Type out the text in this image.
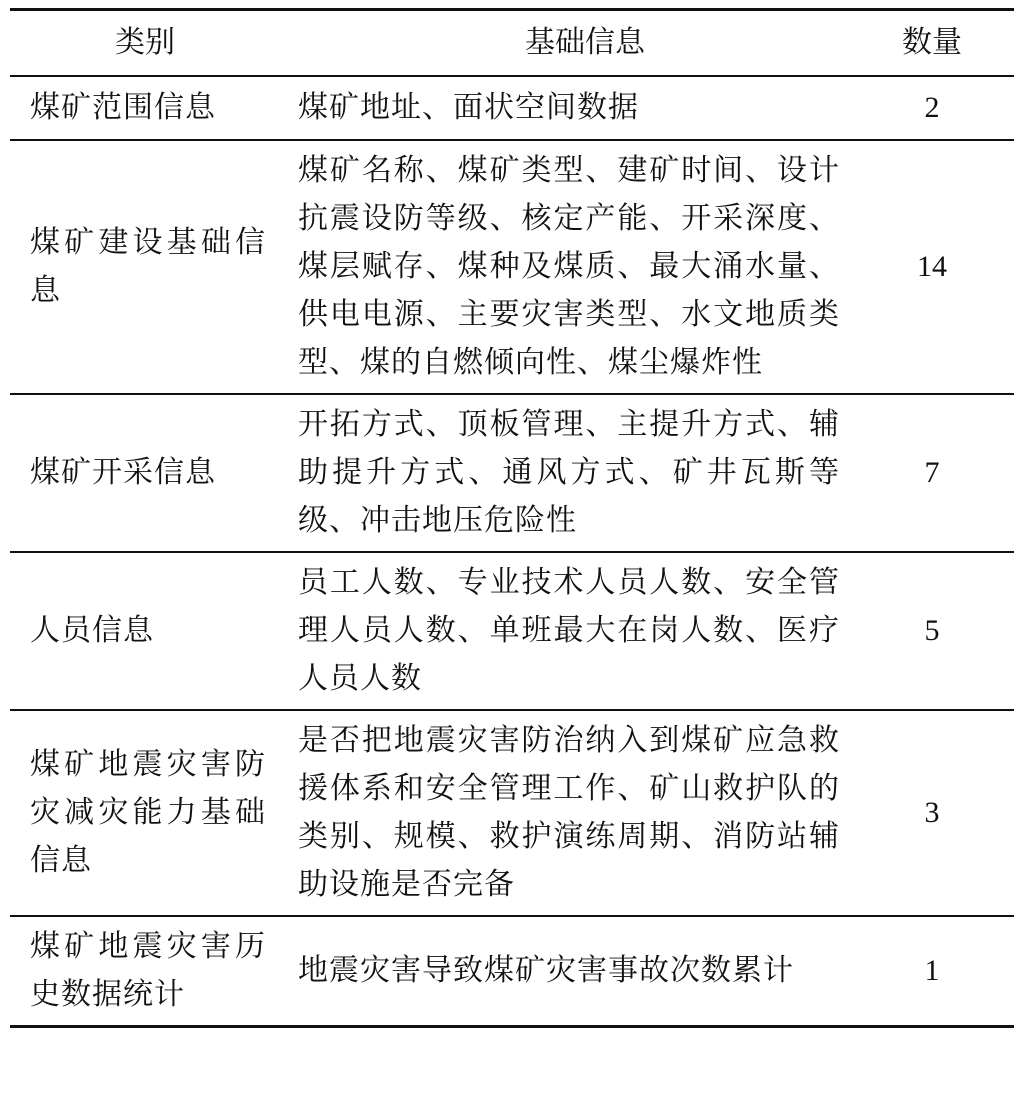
类别	基础信息	数量
煤矿范围信息	煤矿地址、面状空间数据	2
煤矿建设基础信息	煤矿名称、煤矿类型、建矿时间、设计抗震设防等级、核定产能、开采深度、煤层赋存、煤种及煤质、最大涌水量、供电电源、主要灾害类型、水文地质类型、煤的自燃倾向性、煤尘爆炸性	14
煤矿开采信息	开拓方式、顶板管理、主提升方式、辅助提升方式、通风方式、矿井瓦斯等级、冲击地压危险性	7
人员信息	员工人数、专业技术人员人数、安全管理人员人数、单班最大在岗人数、医疗人员人数	5
煤矿地震灾害防灾减灾能力基础信息	是否把地震灾害防治纳入到煤矿应急救援体系和安全管理工作、矿山救护队的类别、规模、救护演练周期、消防站辅助设施是否完备	3
煤矿地震灾害历史数据统计	地震灾害导致煤矿灾害事故次数累计	1
